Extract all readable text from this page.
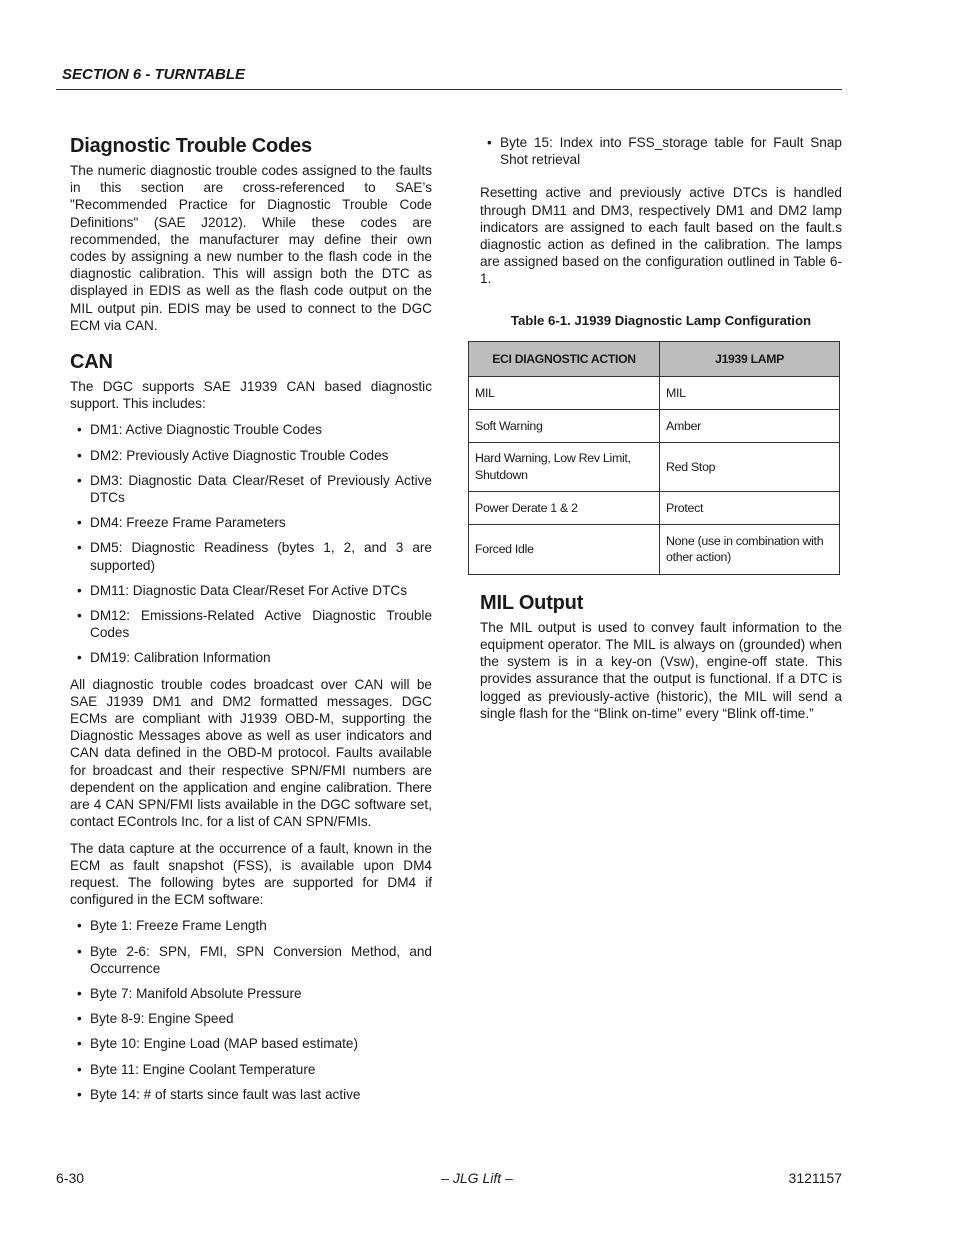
SECTION 6 - TURNTABLE
Diagnostic Trouble Codes

The numeric diagnostic trouble codes assigned to the faults in this section are cross-referenced to SAE’s "Recommended Practice for Diagnostic Trouble Code Definitions" (SAE J2012). While these codes are recommended, the manufacturer may define their own codes by assigning a new number to the flash code in the diagnostic calibration. This will assign both the DTC as displayed in EDIS as well as the flash code output on the MIL output pin. EDIS may be used to connect to the DGC ECM via CAN.

CAN

The DGC supports SAE J1939 CAN based diagnostic support. This includes:

• DM1: Active Diagnostic Trouble Codes
• DM2: Previously Active Diagnostic Trouble Codes
• DM3: Diagnostic Data Clear/Reset of Previously Active DTCs
• DM4: Freeze Frame Parameters
• DM5: Diagnostic Readiness (bytes 1, 2, and 3 are supported)
• DM11: Diagnostic Data Clear/Reset For Active DTCs
• DM12: Emissions-Related Active Diagnostic Trouble Codes
• DM19: Calibration Information

All diagnostic trouble codes broadcast over CAN will be SAE J1939 DM1 and DM2 formatted messages. DGC ECMs are compliant with J1939 OBD-M, supporting the Diagnostic Messages above as well as user indicators and CAN data defined in the OBD-M protocol. Faults available for broadcast and their respective SPN/FMI numbers are dependent on the application and engine calibration. There are 4 CAN SPN/FMI lists available in the DGC software set, contact EControls Inc. for a list of CAN SPN/FMIs.

The data capture at the occurrence of a fault, known in the ECM as fault snapshot (FSS), is available upon DM4 request. The following bytes are supported for DM4 if configured in the ECM software:

• Byte 1: Freeze Frame Length
• Byte 2-6: SPN, FMI, SPN Conversion Method, and Occurrence
• Byte 7: Manifold Absolute Pressure
• Byte 8-9: Engine Speed
• Byte 10: Engine Load (MAP based estimate)
• Byte 11: Engine Coolant Temperature
• Byte 14: # of starts since fault was last active
• Byte 15: Index into FSS_storage table for Fault Snap Shot retrieval

Resetting active and previously active DTCs is handled through DM11 and DM3, respectively DM1 and DM2 lamp indicators are assigned to each fault based on the fault.s diagnostic action as defined in the calibration. The lamps are assigned based on the configuration outlined in Table 6-1.

Table 6-1. J1939 Diagnostic Lamp Configuration
ECI DIAGNOSTIC ACTION	J1939 LAMP
MIL	MIL
Soft Warning	Amber
Hard Warning, Low Rev Limit, Shutdown	Red Stop
Power Derate 1 & 2	Protect
Forced Idle	None (use in combination with other action)
MIL Output

The MIL output is used to convey fault information to the equipment operator. The MIL is always on (grounded) when the system is in a key-on (Vsw), engine-off state. This provides assurance that the output is functional. If a DTC is logged as previously-active (historic), the MIL will send a single flash for the “Blink on-time” every “Blink off-time.”

6-30	– JLG Lift –	3121157
